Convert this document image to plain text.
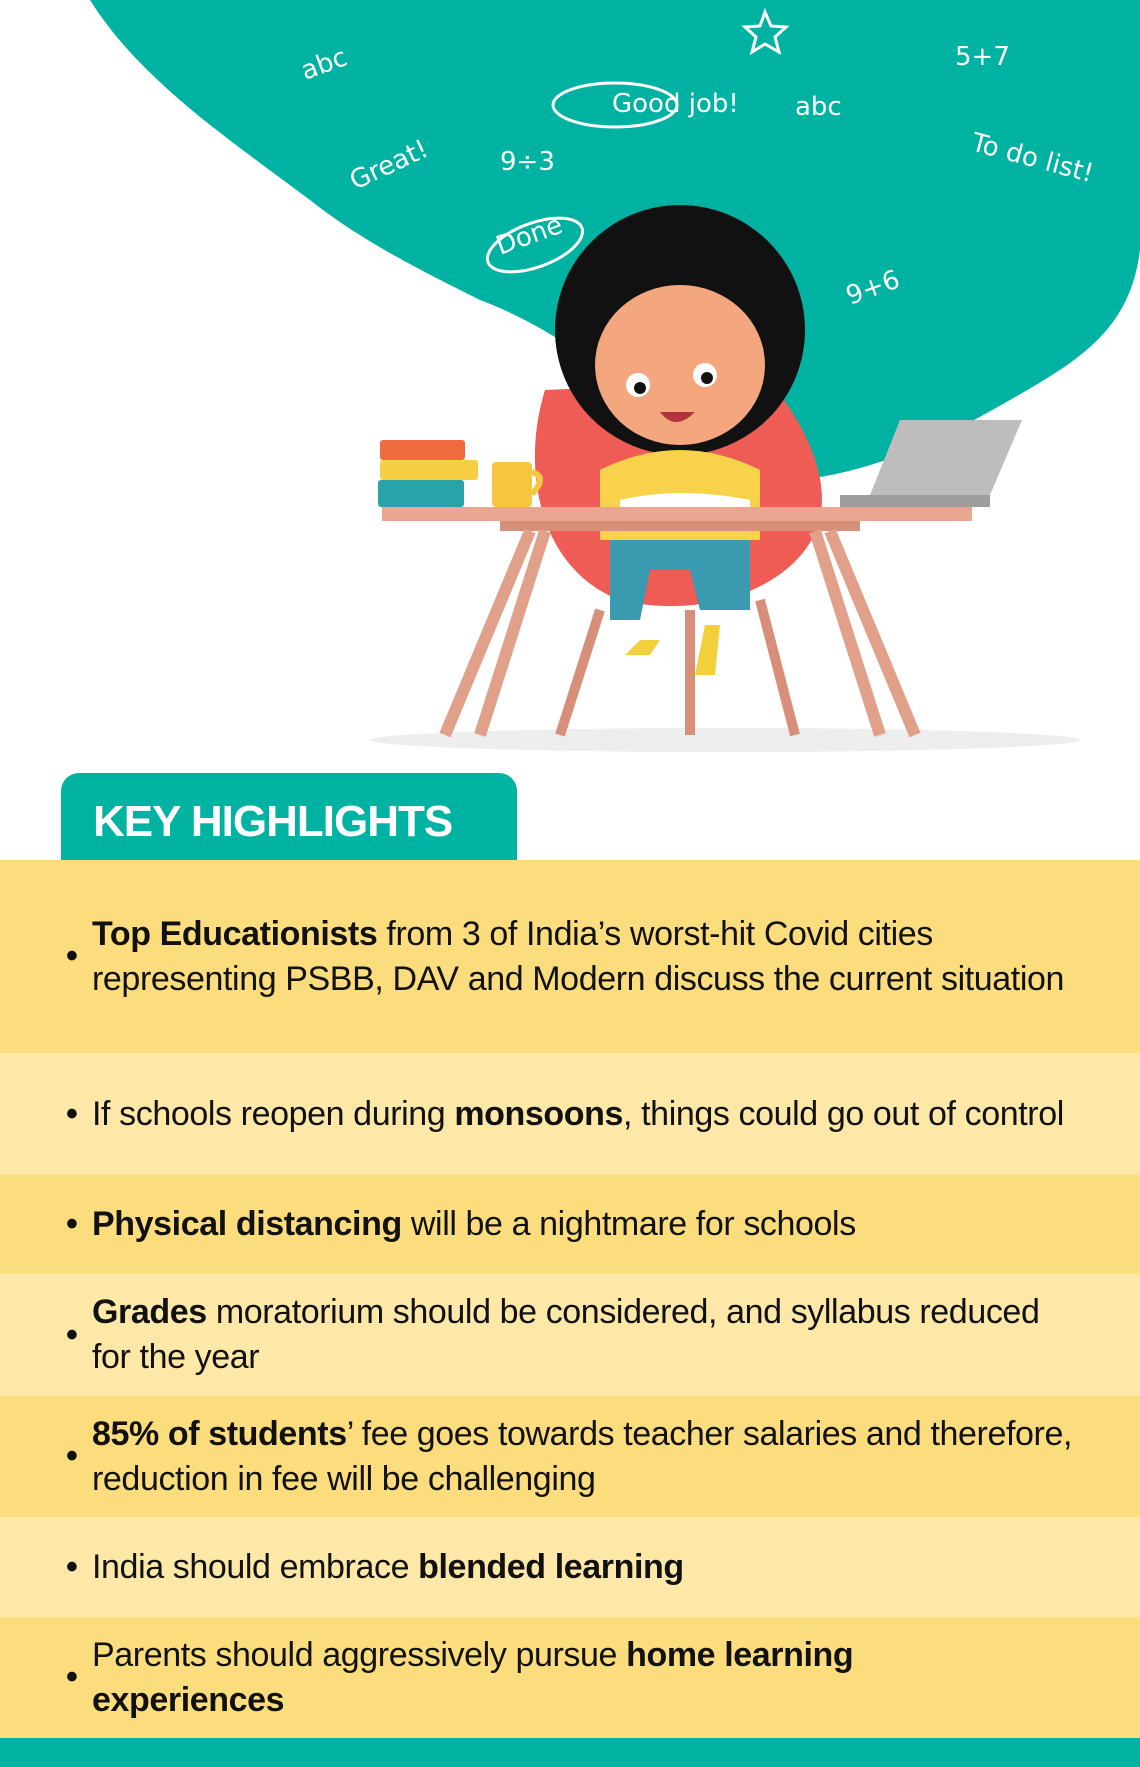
abc
Good job! abc
5+7
To do list!
Great!	9÷3
Done
9+6
KEY HIGHLIGHTS
•
Top Educationists from 3 of India’s worst-hit Covid cities representing PSBB, DAV and Modern discuss the current situation
• If schools reopen during monsoons, things could go out of control
• Physical distancing will be a nightmare for schools
•
Grades moratorium should be considered, and syllabus reduced for the year
•
85% of students’ fee goes towards teacher salaries and therefore, reduction in fee will be challenging
• India should embrace blended learning
•
Parents should aggressively pursue home learning experiences
